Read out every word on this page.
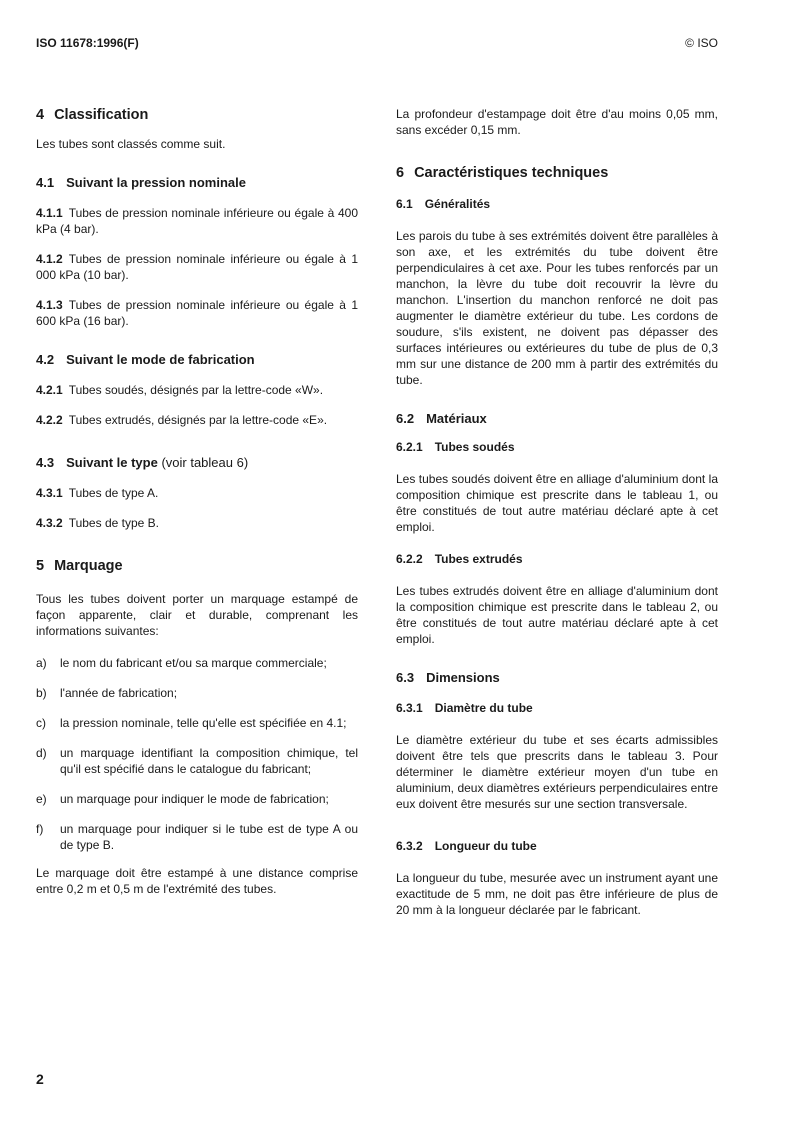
ISO 11678:1996(F)	© ISO
4 Classification

Les tubes sont classés comme suit.

4.1 Suivant la pression nominale

4.1.1 Tubes de pression nominale inférieure ou égale à 400 kPa (4 bar).

4.1.2 Tubes de pression nominale inférieure ou égale à 1 000 kPa (10 bar).

4.1.3 Tubes de pression nominale inférieure ou égale à 1 600 kPa (16 bar).

4.2 Suivant le mode de fabrication

4.2.1 Tubes soudés, désignés par la lettre-code «W».

4.2.2 Tubes extrudés, désignés par la lettre-code «E».

4.3 Suivant le type (voir tableau 6)

4.3.1 Tubes de type A.

4.3.2 Tubes de type B.

5 Marquage

Tous les tubes doivent porter un marquage estampé de façon apparente, clair et durable, comprenant les informations suivantes:

a)	le nom du fabricant et/ou sa marque commerciale;
b)	l'année de fabrication;
c)	la pression nominale, telle qu'elle est spécifiée en 4.1;
d)	un marquage identifiant la composition chimique, tel qu'il est spécifié dans le catalogue du fabricant;
e)	un marquage pour indiquer le mode de fabrication;
f)	un marquage pour indiquer si le tube est de type A ou de type B.

Le marquage doit être estampé à une distance comprise entre 0,2 m et 0,5 m de l'extrémité des tubes.

La profondeur d'estampage doit être d'au moins 0,05 mm, sans excéder 0,15 mm.

6 Caractéristiques techniques
6.1 Généralités

Les parois du tube à ses extrémités doivent être parallèles à son axe, et les extrémités du tube doivent être perpendiculaires à cet axe. Pour les tubes renforcés par un manchon, la lèvre du tube doit recouvrir la lèvre du manchon. L'insertion du manchon renforcé ne doit pas augmenter le diamètre extérieur du tube. Les cordons de soudure, s'ils existent, ne doivent pas dépasser des surfaces intérieures ou extérieures du tube de plus de 0,3 mm sur une distance de 200 mm à partir des extrémités du tube.

6.2 Matériaux
6.2.1 Tubes soudés

Les tubes soudés doivent être en alliage d'aluminium dont la composition chimique est prescrite dans le tableau 1, ou être constitués de tout autre matériau déclaré apte à cet emploi.

6.2.2 Tubes extrudés

Les tubes extrudés doivent être en alliage d'aluminium dont la composition chimique est prescrite dans le tableau 2, ou être constitués de tout autre matériau déclaré apte à cet emploi.

6.3 Dimensions
6.3.1 Diamètre du tube

Le diamètre extérieur du tube et ses écarts admissibles doivent être tels que prescrits dans le tableau 3. Pour déterminer le diamètre extérieur moyen d'un tube en aluminium, deux diamètres extérieurs perpendiculaires entre eux doivent être mesurés sur une section transversale.

6.3.2 Longueur du tube

La longueur du tube, mesurée avec un instrument ayant une exactitude de 5 mm, ne doit pas être inférieure de plus de 20 mm à la longueur déclarée par le fabricant.

2
